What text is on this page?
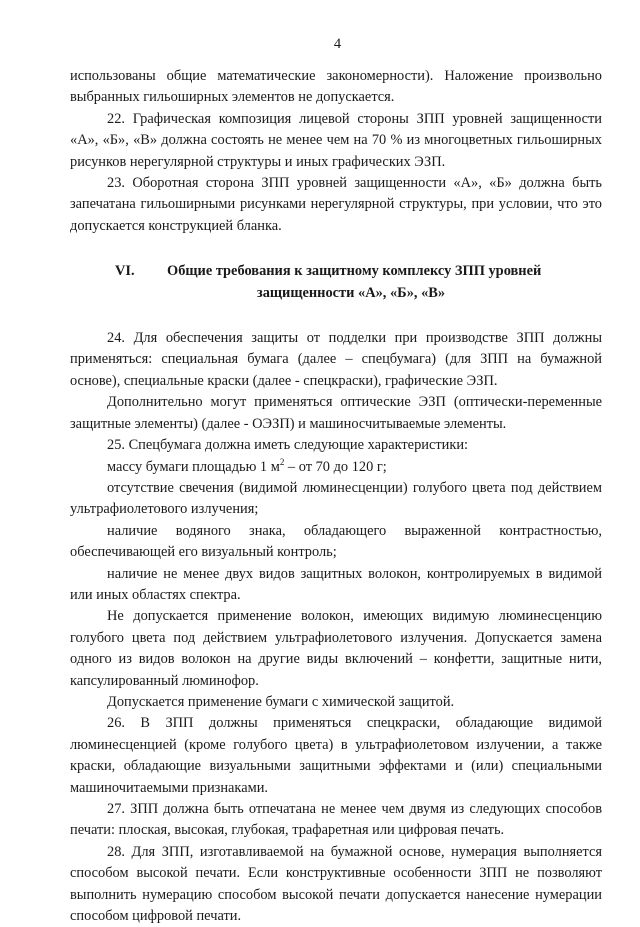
4

использованы общие математические закономерности). Наложение произвольно выбранных гильоширных элементов не допускается.

22. Графическая композиция лицевой стороны ЗПП уровней защищенности «А», «Б», «В» должна состоять не менее чем на 70 % из многоцветных гильоширных рисунков нерегулярной структуры и иных графических ЭЗП.

23. Оборотная сторона ЗПП уровней защищенности «А», «Б» должна быть запечатана гильоширными рисунками нерегулярной структуры, при условии, что это допускается конструкцией бланка.

VI.	Общие требования к защитному комплексу ЗПП уровней
защищенности «А», «Б», «В»

24. Для обеспечения защиты от подделки при производстве ЗПП должны применяться: специальная бумага (далее – спецбумага) (для ЗПП на бумажной основе), специальные краски (далее - спецкраски), графические ЭЗП.

Дополнительно могут применяться оптические ЭЗП (оптически-переменные защитные элементы) (далее - ОЭЗП) и машиносчитываемые элементы.

25. Спецбумага должна иметь следующие характеристики:

массу бумаги площадью 1 $м^2$ – от 70 до 120 г;

отсутствие свечения (видимой люминесценции) голубого цвета под действием ультрафиолетового излучения;

наличие водяного знака, обладающего выраженной контрастностью, обеспечивающей его визуальный контроль;

наличие не менее двух видов защитных волокон, контролируемых в видимой или иных областях спектра.

Не допускается применение волокон, имеющих видимую люминесценцию голубого цвета под действием ультрафиолетового излучения. Допускается замена одного из видов волокон на другие виды включений – конфетти, защитные нити, капсулированный люминофор.

Допускается применение бумаги с химической защитой.

26. В ЗПП должны применяться спецкраски, обладающие видимой люминесценцией (кроме голубого цвета) в ультрафиолетовом излучении, а также краски, обладающие визуальными защитными эффектами и (или) специальными машиночитаемыми признаками.

27. ЗПП должна быть отпечатана не менее чем двумя из следующих способов печати: плоская, высокая, глубокая, трафаретная или цифровая печать.

28. Для ЗПП, изготавливаемой на бумажной основе, нумерация выполняется способом высокой печати. Если конструктивные особенности ЗПП не позволяют выполнить нумерацию способом высокой печати допускается нанесение нумерации способом цифровой печати.
